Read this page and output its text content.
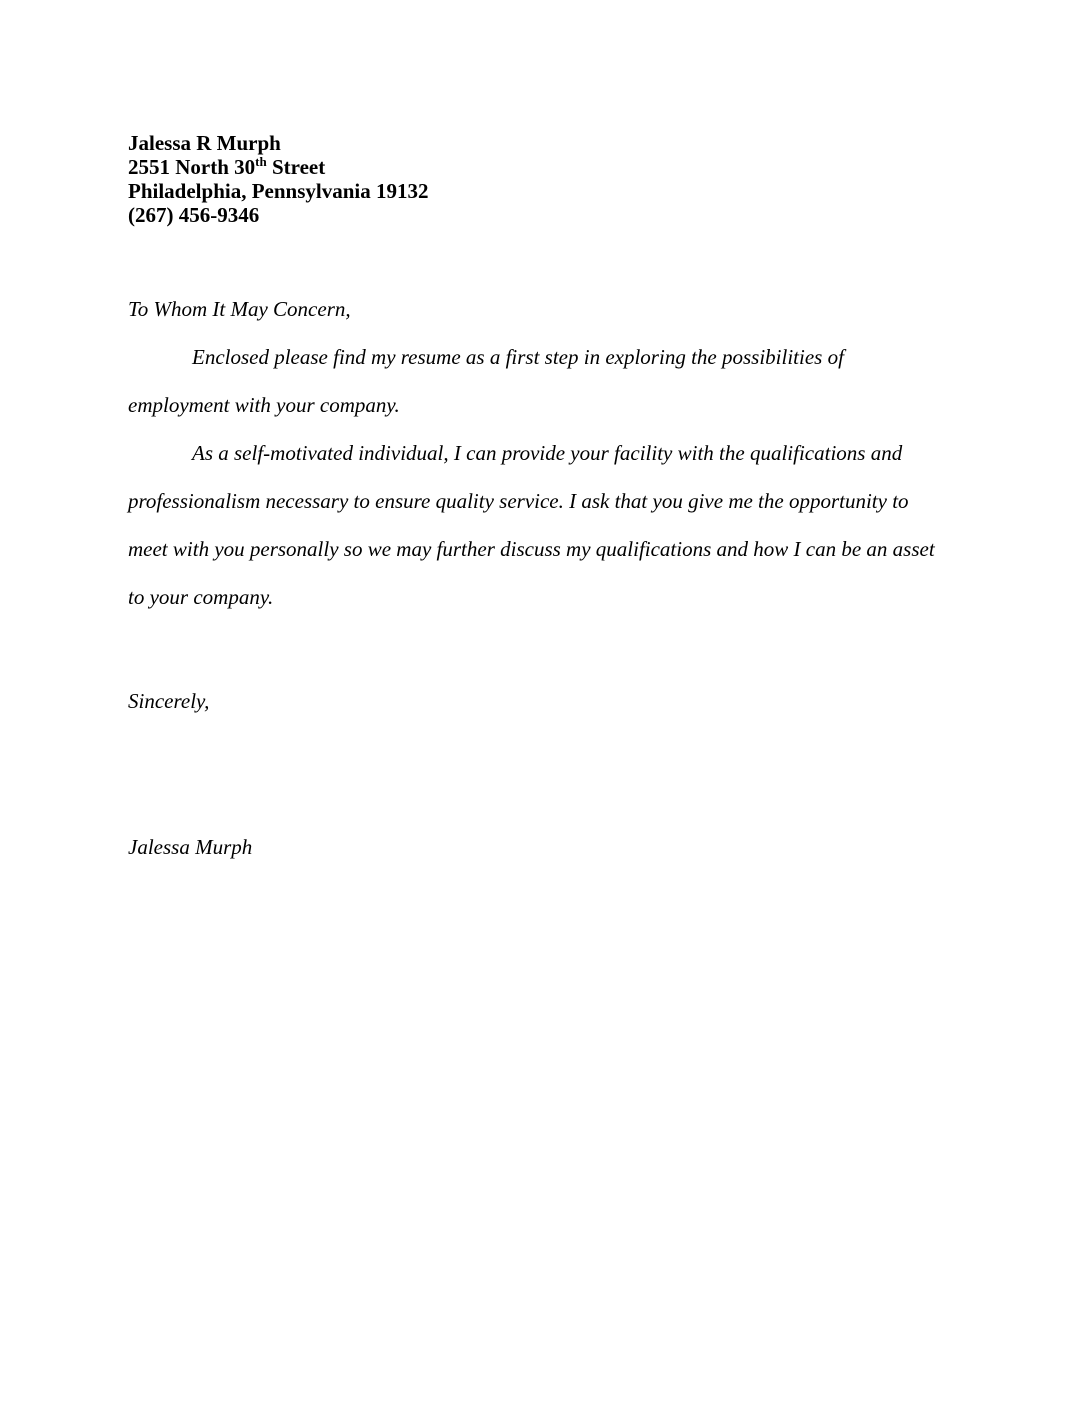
Jalessa R Murph
2551 North 30th Street
Philadelphia, Pennsylvania 19132
(267) 456-9346
To Whom It May Concern,
Enclosed please find my resume as a first step in exploring the possibilities of
employment with your company.
As a self-motivated individual, I can provide your facility with the qualifications and
professionalism necessary to ensure quality service. I ask that you give me the opportunity to
meet with you personally so we may further discuss my qualifications and how I can be an asset
to your company.
Sincerely,
Jalessa Murph
